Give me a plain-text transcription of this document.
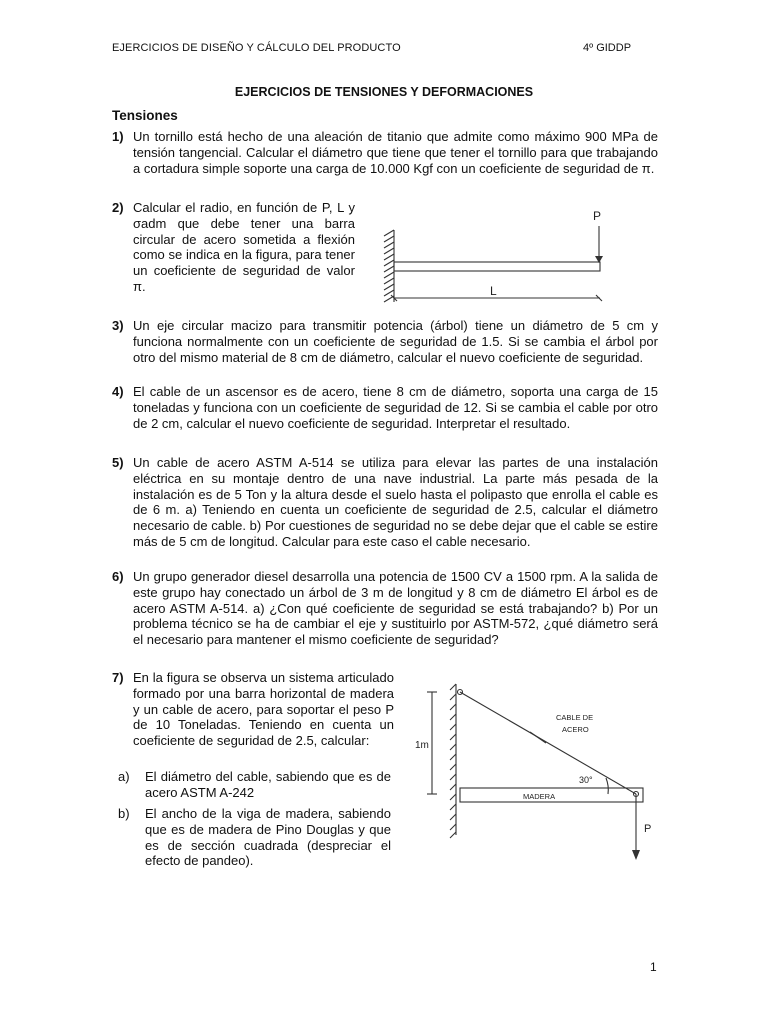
EJERCICIOS DE DISEÑO Y CÁLCULO DEL PRODUCTO	4º GIDDP
EJERCICIOS DE TENSIONES Y DEFORMACIONES
Tensiones
1) Un tornillo está hecho de una aleación de titanio que admite como máximo 900 MPa de tensión tangencial. Calcular el diámetro que tiene que tener el tornillo para que trabajando a cortadura simple soporte una carga de 10.000 Kgf con un coeficiente de seguridad de π.
2) Calcular el radio, en función de P, L y σadm que debe tener una barra circular de acero sometida a flexión como se indica en la figura, para tener un coeficiente de seguridad de valor π.
P
L
3) Un eje circular macizo para transmitir potencia (árbol) tiene un diámetro de 5 cm y funciona normalmente con un coeficiente de seguridad de 1.5. Si se cambia el árbol por otro del mismo material de 8 cm de diámetro, calcular el nuevo coeficiente de seguridad.
4) El cable de un ascensor es de acero, tiene 8 cm de diámetro, soporta una carga de 15 toneladas y funciona con un coeficiente de seguridad de 12. Si se cambia el cable por otro de 2 cm, calcular el nuevo coeficiente de seguridad. Interpretar el resultado.
5) Un cable de acero ASTM A-514 se utiliza para elevar las partes de una instalación eléctrica en su montaje dentro de una nave industrial. La parte más pesada de la instalación es de 5 Ton y la altura desde el suelo hasta el polipasto que enrolla el cable es de 6 m. a) Teniendo en cuenta un coeficiente de seguridad de 2.5, calcular el diámetro necesario de cable. b) Por cuestiones de seguridad no se debe dejar que el cable se estire más de 5 cm de longitud. Calcular para este caso el cable necesario.
6) Un grupo generador diesel desarrolla una potencia de 1500 CV a 1500 rpm. A la salida de este grupo hay conectado un árbol de 3 m de longitud y 8 cm de diámetro El árbol es de acero ASTM A-514. a) ¿Con qué coeficiente de seguridad se está trabajando? b) Por un problema técnico se ha de cambiar el eje y sustituirlo por ASTM-572, ¿qué diámetro será el necesario para mantener el mismo coeficiente de seguridad?
7) En la figura se observa un sistema articulado formado por una barra horizontal de madera y un cable de acero, para soportar el peso P de 10 Toneladas. Teniendo en cuenta un coeficiente de seguridad de 2.5, calcular:
a) El diámetro del cable, sabiendo que es de acero ASTM A-242
b) El ancho de la viga de madera, sabiendo que es de madera de Pino Douglas y que es de sección cuadrada (despreciar el efecto de pandeo).
1m
CABLE DE
ACERO
30°
MADERA
P
1
